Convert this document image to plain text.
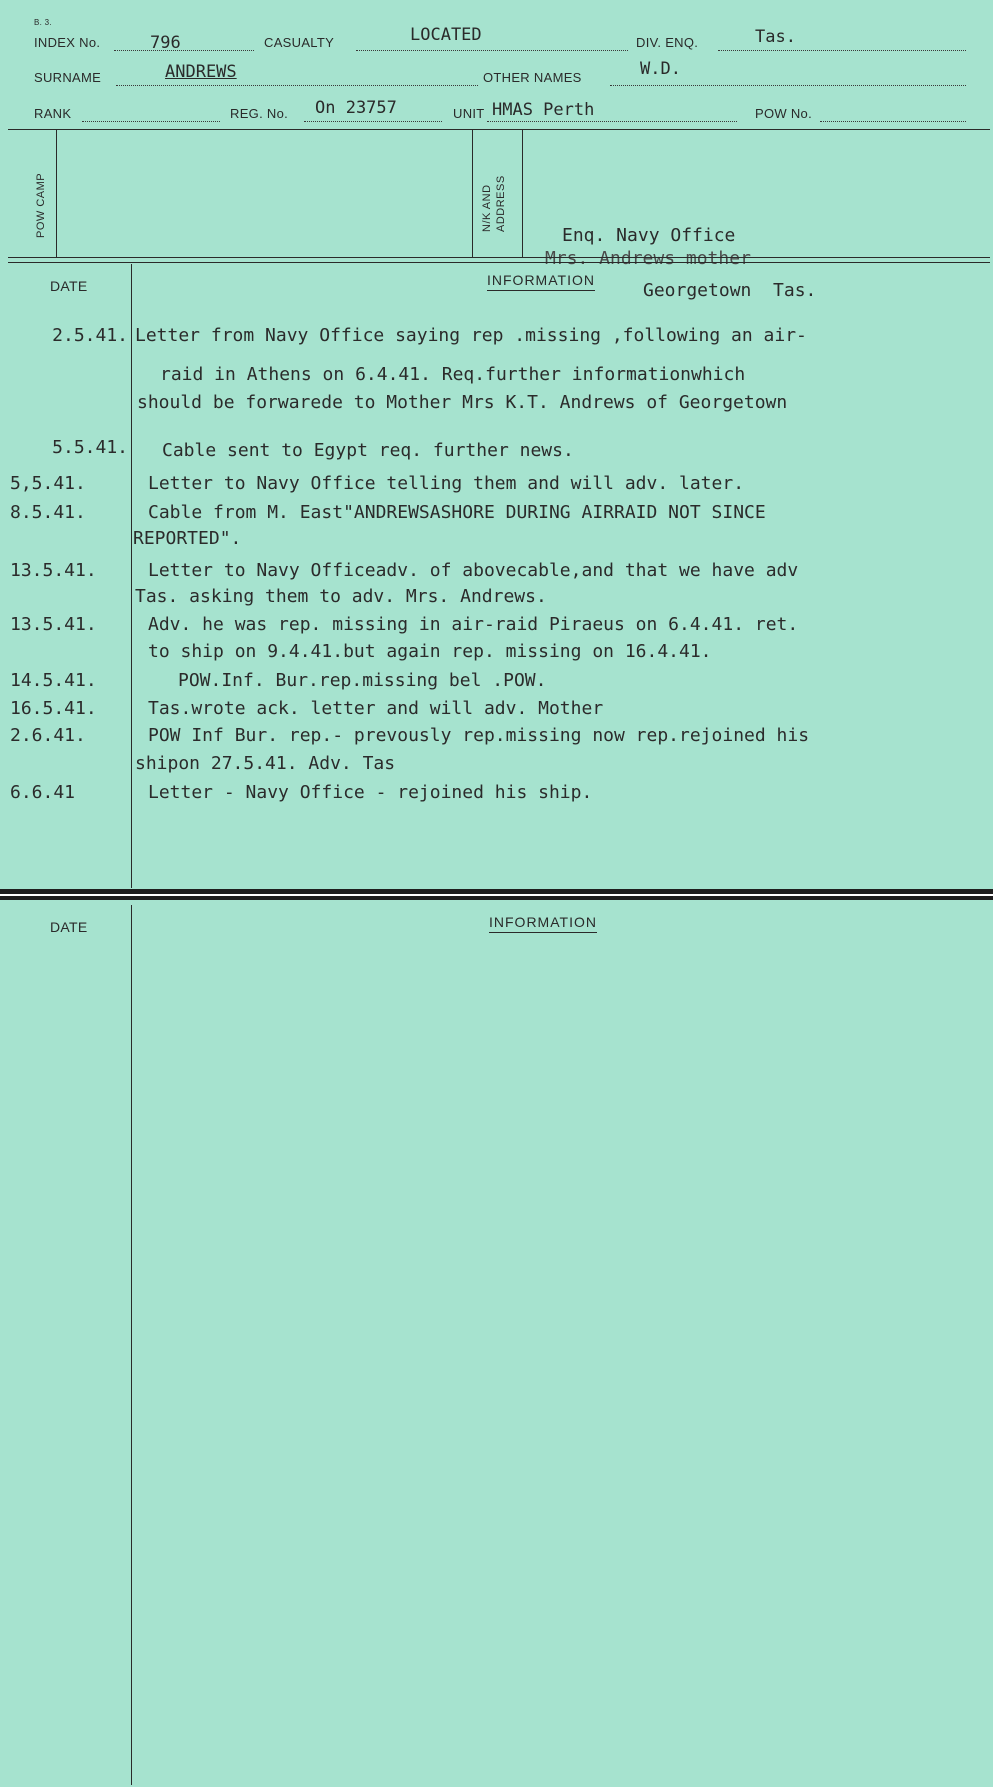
B. 3.
INDEX No.	796	CASUALTY	LOCATED	DIV. ENQ.	Tas.
SURNAME	ANDREWS	OTHER NAMES	W.D.
RANK	REG. No. On 23757	UNIT HMAS Perth	POW No.
POW CAMP	N/K AND ADDRESS
Enq. Navy Office
Mrs. Andrews mother
Georgetown  Tas.
DATE	INFORMATION
2.5.41. Letter from Navy Office saying rep .missing ,following an air-
raid in Athens on 6.4.41. Req.further informationwhich
should be forwarede to Mother Mrs K.T. Andrews of Georgetown
5.5.41. Cable sent to Egypt req. further news.
5,5.41.	Letter to Navy Office telling them and will adv. later.
8.5.41.	Cable from M. East"ANDREWSASHORE DURING AIRRAID NOT SINCE
REPORTED".
13.5.41.	Letter to Navy Officeadv. of abovecable,and that we have adv
Tas. asking them to adv. Mrs. Andrews.
13.5.41.	Adv. he was rep. missing in air-raid Piraeus on 6.4.41. ret.
to ship on 9.4.41.but again rep. missing on 16.4.41.
14.5.41.	POW.Inf. Bur.rep.missing bel .POW.
16.5.41.	Tas.wrote ack. letter and will adv. Mother
2.6.41.	POW Inf Bur. rep.- prevously rep.missing now rep.rejoined his
shipon 27.5.41. Adv. Tas
6.6.41	Letter - Navy Office - rejoined his ship.
DATE	INFORMATION
